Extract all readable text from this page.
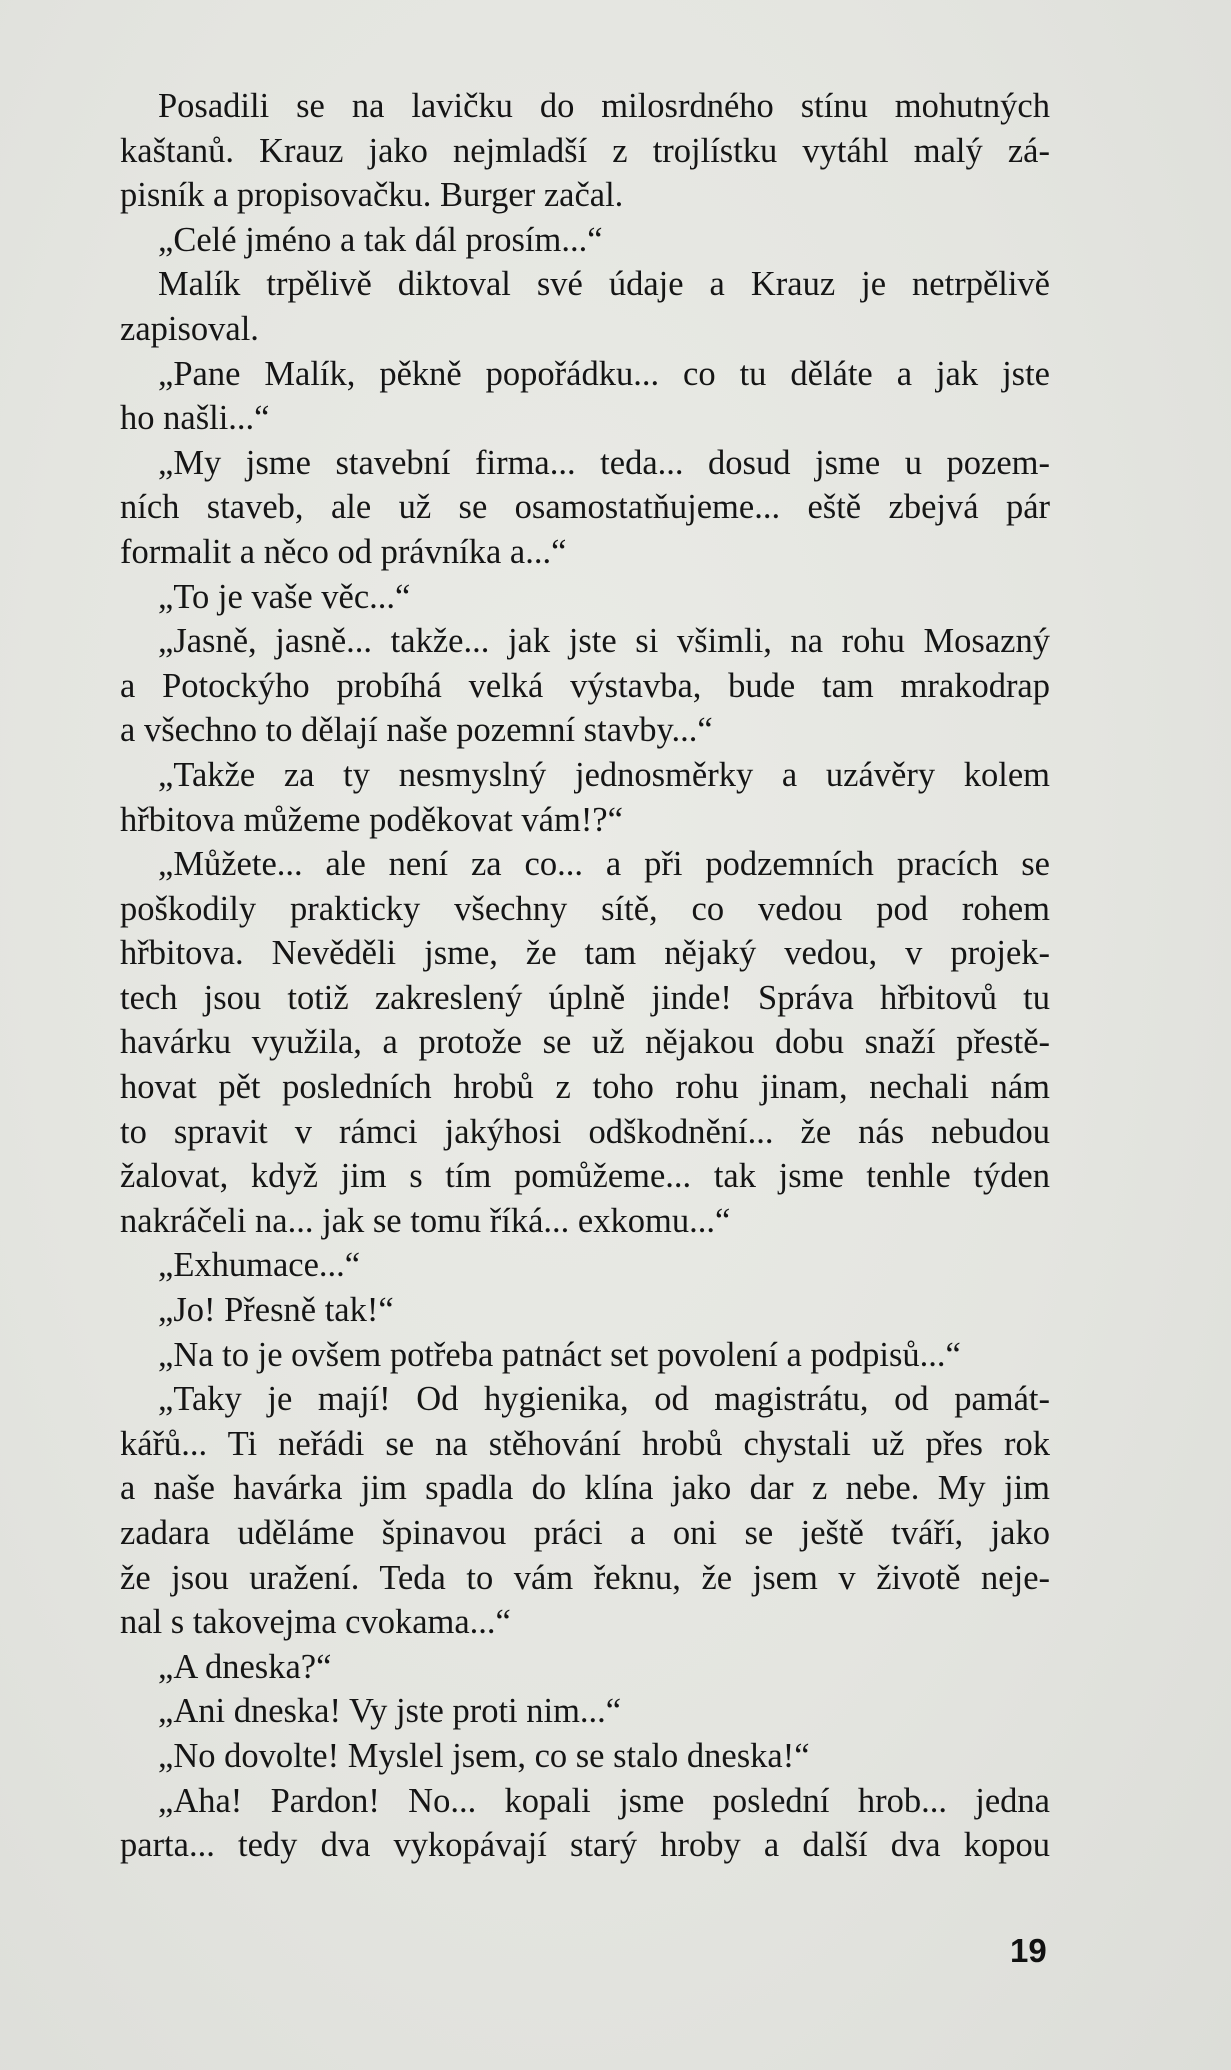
Posadili se na lavičku do milosrdného stínu mohutných
kaštanů. Krauz jako nejmladší z trojlístku vytáhl malý zá-
pisník a propisovačku. Burger začal.
„Celé jméno a tak dál prosím...“
Malík trpělivě diktoval své údaje a Krauz je netrpělivě
zapisoval.
„Pane Malík, pěkně popořádku... co tu děláte a jak jste
ho našli...“
„My jsme stavební firma... teda... dosud jsme u pozem-
ních staveb, ale už se osamostatňujeme... eště zbejvá pár
formalit a něco od právníka a...“
„To je vaše věc...“
„Jasně, jasně... takže... jak jste si všimli, na rohu Mosazný
a Potockýho probíhá velká výstavba, bude tam mrakodrap
a všechno to dělají naše pozemní stavby...“
„Takže za ty nesmyslný jednosměrky a uzávěry kolem
hřbitova můžeme poděkovat vám!?“
„Můžete... ale není za co... a při podzemních pracích se
poškodily prakticky všechny sítě, co vedou pod rohem
hřbitova. Nevěděli jsme, že tam nějaký vedou, v projek-
tech jsou totiž zakreslený úplně jinde! Správa hřbitovů tu
havárku využila, a protože se už nějakou dobu snaží přestě-
hovat pět posledních hrobů z toho rohu jinam, nechali nám
to spravit v rámci jakýhosi odškodnění... že nás nebudou
žalovat, když jim s tím pomůžeme... tak jsme tenhle týden
nakráčeli na... jak se tomu říká... exkomu...“
„Exhumace...“
„Jo! Přesně tak!“
„Na to je ovšem potřeba patnáct set povolení a podpisů...“
„Taky je mají! Od hygienika, od magistrátu, od památ-
kářů... Ti neřádi se na stěhování hrobů chystali už přes rok
a naše havárka jim spadla do klína jako dar z nebe. My jim
zadara uděláme špinavou práci a oni se ještě tváří, jako
že jsou uražení. Teda to vám řeknu, že jsem v životě neje-
nal s takovejma cvokama...“
„A dneska?“
„Ani dneska! Vy jste proti nim...“
„No dovolte! Myslel jsem, co se stalo dneska!“
„Aha! Pardon! No... kopali jsme poslední hrob... jedna
parta... tedy dva vykopávají starý hroby a další dva kopou
19
